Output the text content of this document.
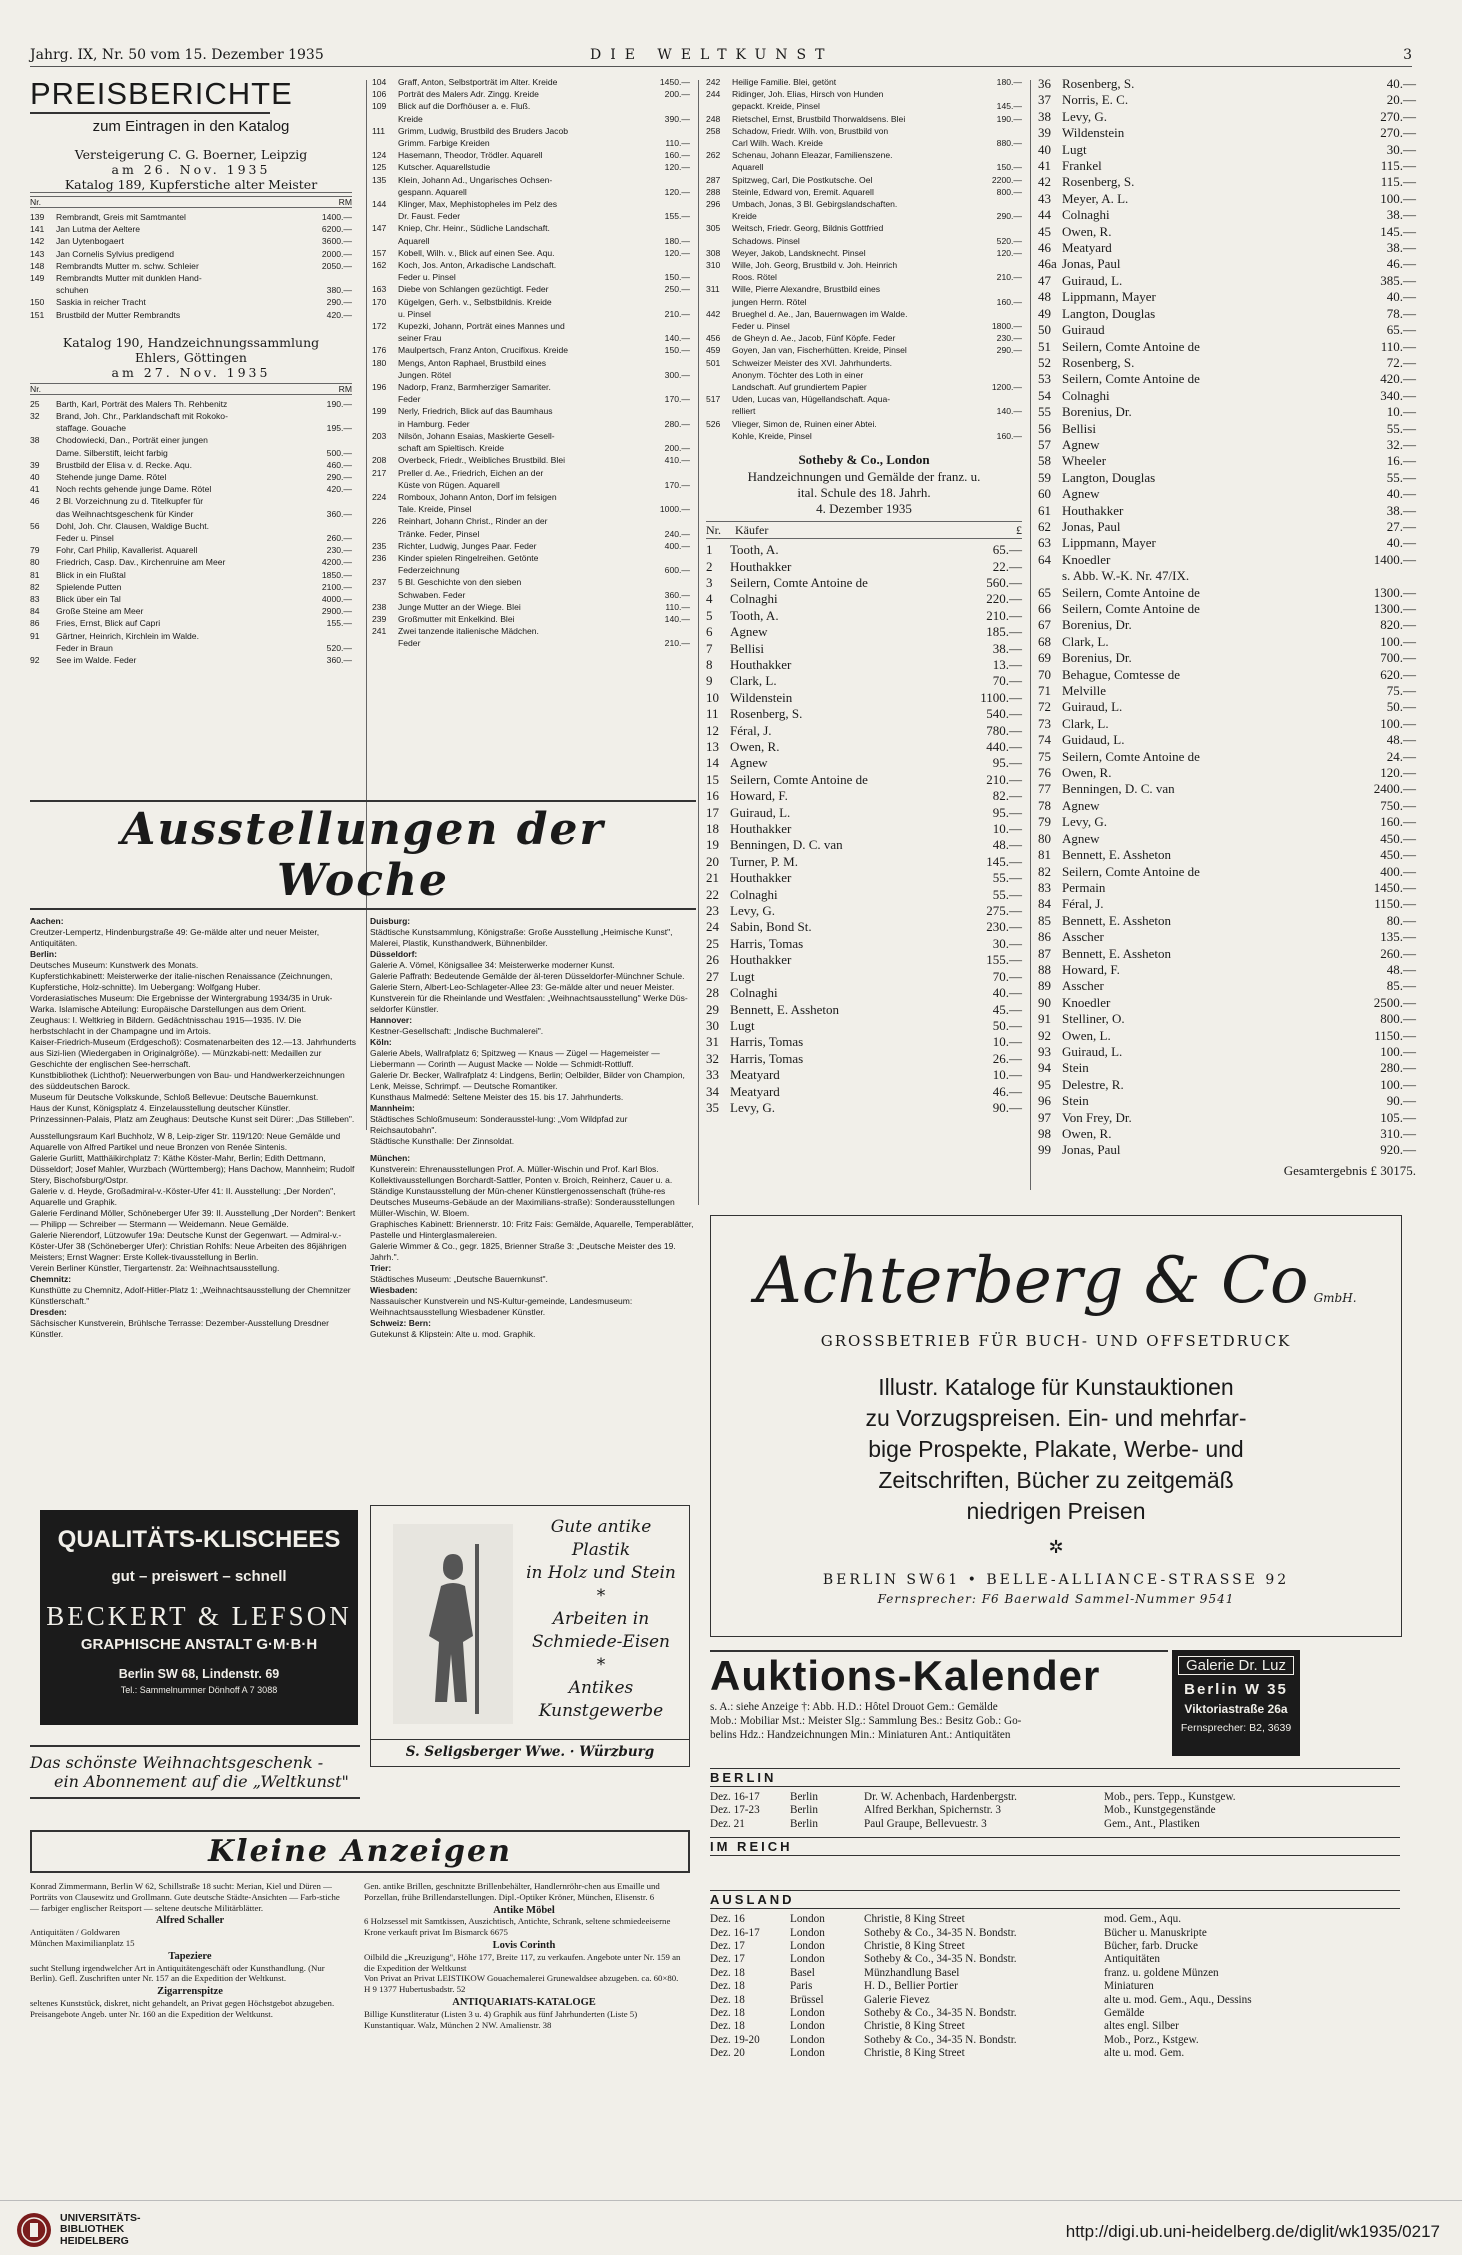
Jahrg. IX, Nr. 50 vom 15. Dezember 1935	DIE WELTKUNST	3
PREISBERICHTE
zum Eintragen in den Katalog
Versteigerung C. G. Boerner, Leipzig
am 26. Nov. 1935
Katalog 189, Kupferstiche alter Meister
Nr.	RM
139	Rembrandt, Greis mit Samtmantel	1400.—
141	Jan Lutma der Aeltere	6200.—
142	Jan Uytenbogaert	3600.—
143	Jan Cornelis Sylvius predigend	2000.—
148	Rembrandts Mutter m. schw. Schleier	2050.—
149	Rembrandts Mutter mit dunklen Hand-
schuhen	380.—
150	Saskia in reicher Tracht	290.—
151	Brustbild der Mutter Rembrandts	420.—
Katalog 190, Handzeichnungssammlung
Ehlers, Göttingen
am 27. Nov. 1935
Nr.	RM
25	Barth, Karl, Porträt des Malers Th. Rehbenitz	190.—
32	Brand, Joh. Chr., Parklandschaft mit Rokoko-
staffage. Gouache	195.—
38	Chodowiecki, Dan., Porträt einer jungen
Dame. Silberstift, leicht farbig	500.—
39	Brustbild der Elisa v. d. Recke. Aqu.	460.—
40	Stehende junge Dame. Rötel	290.—
41	Noch rechts gehende junge Dame. Rötel	420.—
46	2 Bl. Vorzeichnung zu d. Titelkupfer für
das Weihnachtsgeschenk für Kinder	360.—
56	Dohl, Joh. Chr. Clausen, Waldige Bucht.
Feder u. Pinsel	260.—
79	Fohr, Carl Philip, Kavallerist. Aquarell	230.—
80	Friedrich, Casp. Dav., Kirchenruine am Meer	4200.—
81	Blick in ein Flußtal	1850.—
82	Spielende Putten	2100.—
83	Blick über ein Tal	4000.—
84	Große Steine am Meer	2900.—
86	Fries, Ernst, Blick auf Capri	155.—
91	Gärtner, Heinrich, Kirchlein im Walde.
Feder in Braun	520.—
92	See im Walde. Feder	360.—
104	Graff, Anton, Selbstporträt im Alter. Kreide	1450.—
106	Porträt des Malers Adr. Zingg. Kreide	200.—
109	Blick auf die Dorfhöuser a. e. Fluß.
Kreide	390.—
111	Grimm, Ludwig, Brustbild des Bruders Jacob
Grimm. Farbige Kreiden	110.—
124	Hasemann, Theodor, Trödler. Aquarell	160.—
125	Kutscher. Aquarellstudie	120.—
135	Klein, Johann Ad., Ungarisches Ochsen-
gespann. Aquarell	120.—
144	Klinger, Max, Mephistopheles im Pelz des
Dr. Faust. Feder	155.—
147	Kniep, Chr. Heinr., Südliche Landschaft.
Aquarell	180.—
157	Kobell, Wilh. v., Blick auf einen See. Aqu.	120.—
162	Koch, Jos. Anton, Arkadische Landschaft.
Feder u. Pinsel	150.—
163	Diebe von Schlangen gezüchtigt. Feder	250.—
170	Kügelgen, Gerh. v., Selbstbildnis. Kreide
u. Pinsel	210.—
172	Kupezki, Johann, Porträt eines Mannes und
seiner Frau	140.—
176	Maulpertsch, Franz Anton, Crucifixus. Kreide	150.—
180	Mengs, Anton Raphael, Brustbild eines
Jungen. Rötel	300.—
196	Nadorp, Franz, Barmherziger Samariter.
Feder	170.—
199	Nerly, Friedrich, Blick auf das Baumhaus
in Hamburg. Feder	280.—
203	Nilsön, Johann Esaias, Maskierte Gesell-
schaft am Spieltisch. Kreide	200.—
208	Overbeck, Friedr., Weibliches Brustbild. Blei	410.—
217	Preller d. Ae., Friedrich, Eichen an der
Küste von Rügen. Aquarell	170.—
224	Romboux, Johann Anton, Dorf im felsigen
Tale. Kreide, Pinsel	1000.—
226	Reinhart, Johann Christ., Rinder an der
Tränke. Feder, Pinsel	240.—
235	Richter, Ludwig, Junges Paar. Feder	400.—
236	Kinder spielen Ringelreihen. Getönte
Federzeichnung	600.—
237	5 Bl. Geschichte von den sieben
Schwaben. Feder	360.—
238	Junge Mutter an der Wiege. Blei	110.—
239	Großmutter mit Enkelkind. Blei	140.—
241	Zwei tanzende italienische Mädchen.
Feder	210.—
242	Heilige Familie. Blei, getönt	180.—
244	Ridinger, Joh. Elias, Hirsch von Hunden
gepackt. Kreide, Pinsel	145.—
248	Rietschel, Ernst, Brustbild Thorwaldsens. Blei	190.—
258	Schadow, Friedr. Wilh. von, Brustbild von
Carl Wilh. Wach. Kreide	880.—
262	Schenau, Johann Eleazar, Familienszene.
Aquarell	150.—
287	Spitzweg, Carl, Die Postkutsche. Oel	2200.—
288	Steinle, Edward von, Eremit. Aquarell	800.—
296	Umbach, Jonas, 3 Bl. Gebirgslandschaften.
Kreide	290.—
305	Weitsch, Friedr. Georg, Bildnis Gottfried
Schadows. Pinsel	520.—
308	Weyer, Jakob, Landsknecht. Pinsel	120.—
310	Wille, Joh. Georg, Brustbild v. Joh. Heinrich
Roos. Rötel	210.—
311	Wille, Pierre Alexandre, Brustbild eines
jungen Herrn. Rötel	160.—
442	Brueghel d. Ae., Jan, Bauernwagen im Walde.
Feder u. Pinsel	1800.—
456	de Gheyn d. Ae., Jacob, Fünf Köpfe. Feder	230.—
459	Goyen, Jan van, Fischerhütten. Kreide, Pinsel	290.—
501	Schweizer Meister des XVI. Jahrhunderts.
Anonym. Töchter des Loth in einer
Landschaft. Auf grundiertem Papier	1200.—
517	Uden, Lucas van, Hügellandschaft. Aqua-
relliert	140.—
526	Vlieger, Simon de, Ruinen einer Abtei.
Kohle, Kreide, Pinsel	160.—
Sotheby & Co., London
Handzeichnungen und Gemälde der franz. u.
ital. Schule des 18. Jahrh.
4. Dezember 1935
Nr. Käufer	£
1	Tooth, A.	65.—
2	Houthakker	22.—
3	Seilern, Comte Antoine de	560.—
4	Colnaghi	220.—
5	Tooth, A.	210.—
6	Agnew	185.—
7	Bellisi	38.—
8	Houthakker	13.—
9	Clark, L.	70.—
10 Wildenstein	1100.—
11 Rosenberg, S.	540.—
12 Féral, J.	780.—
13 Owen, R.	440.—
14 Agnew	95.—
15 Seilern, Comte Antoine de	210.—
16 Howard, F.	82.—
17 Guiraud, L.	95.—
18 Houthakker	10.—
19 Benningen, D. C. van	48.—
20 Turner, P. M.	145.—
21 Houthakker	55.—
22 Colnaghi	55.—
23 Levy, G.	275.—
24 Sabin, Bond St.	230.—
25 Harris, Tomas	30.—
26 Houthakker	155.—
27 Lugt	70.—
28 Colnaghi	40.—
29 Bennett, E. Assheton	45.—
30 Lugt	50.—
31 Harris, Tomas	10.—
32 Harris, Tomas	26.—
33 Meatyard	10.—
34 Meatyard	46.—
35 Levy, G.	90.—
36 Rosenberg, S.	40.—
37 Norris, E. C.	20.—
38 Levy, G.	270.—
39 Wildenstein	270.—
40 Lugt	30.—
41 Frankel	115.—
42 Rosenberg, S.	115.—
43 Meyer, A. L.	100.—
44 Colnaghi	38.—
45 Owen, R.	145.—
46 Meatyard	38.—
46a Jonas, Paul	46.—
47 Guiraud, L.	385.—
48 Lippmann, Mayer	40.—
49 Langton, Douglas	78.—
50 Guiraud	65.—
51 Seilern, Comte Antoine de	110.—
52 Rosenberg, S.	72.—
53 Seilern, Comte Antoine de	420.—
54 Colnaghi	340.—
55 Borenius, Dr.	10.—
56 Bellisi	55.—
57 Agnew	32.—
58 Wheeler	16.—
59 Langton, Douglas	55.—
60 Agnew	40.—
61 Houthakker	38.—
62 Jonas, Paul	27.—
63 Lippmann, Mayer	40.—
64 Knoedler	1400.—
s. Abb. W.-K. Nr. 47/IX.
65 Seilern, Comte Antoine de	1300.—
66 Seilern, Comte Antoine de	1300.—
67 Borenius, Dr.	820.—
68 Clark, L.	100.—
69 Borenius, Dr.	700.—
70 Behague, Comtesse de	620.—
71 Melville	75.—
72 Guiraud, L.	50.—
73 Clark, L.	100.—
74 Guidaud, L.	48.—
75 Seilern, Comte Antoine de	24.—
76 Owen, R.	120.—
77 Benningen, D. C. van	2400.—
78 Agnew	750.—
79 Levy, G.	160.—
80 Agnew	450.—
81 Bennett, E. Assheton	450.—
82 Seilern, Comte Antoine de	400.—
83 Permain	1450.—
84 Féral, J.	1150.—
85 Bennett, E. Assheton	80.—
86 Asscher	135.—
87 Bennett, E. Assheton	260.—
88 Howard, F.	48.—
89 Asscher	85.—
90 Knoedler	2500.—
91 Stelliner, O.	800.—
92 Owen, L.	1150.—
93 Guiraud, L.	100.—
94 Stein	280.—
95 Delestre, R.	100.—
96 Stein	90.—
97 Von Frey, Dr.	105.—
98 Owen, R.	310.—
99 Jonas, Paul	920.—
Gesamtergebnis £ 30175.
Achterberg & Co GmbH.
GROSSBETRIEB FÜR BUCH- UND OFFSETDRUCK
Illustr. Kataloge für Kunstauktionen
zu Vorzugspreisen. Ein- und mehrfar-
bige Prospekte, Plakate, Werbe- und
Zeitschriften, Bücher zu zeitgemäß
niedrigen Preisen
✲
BERLIN SW61 • BELLE-ALLIANCE-STRASSE 92
Fernsprecher: F6 Baerwald Sammel-Nummer 9541
Ausstellungen der Woche
Aachen:
Creutzer-Lempertz, Hindenburgstraße 49: Ge-mälde alter und neuer Meister, Antiquitäten.
Berlin:
Deutsches Museum: Kunstwerk des Monats.
Kupferstichkabinett: Meisterwerke der italie-nischen Renaissance (Zeichnungen, Kupferstiche, Holz-schnitte). Im Uebergang: Wolfgang Huber.
Vorderasiatisches Museum: Die Ergebnisse der Wintergrabung 1934/35 in Uruk-Warka. Islamische Abteilung: Europäische Darstellungen aus dem Orient.
Zeughaus: I. Weltkrieg in Bildern. Gedächtnisschau 1915—1935. IV. Die herbstschlacht in der Champagne und im Artois.
Kaiser-Friedrich-Museum (Erdgeschoß): Cosmatenarbeiten des 12.—13. Jahrhunderts aus Sizi-lien (Wiedergaben in Originalgröße). — Münzkabi-nett: Medaillen zur Geschichte der englischen See-herrschaft.
Kunstbibliothek (Lichthof): Neuerwerbungen von Bau- und Handwerkerzeichnungen des süddeutschen Barock.
Museum für Deutsche Volkskunde, Schloß Bellevue: Deutsche Bauernkunst.
Haus der Kunst, Königsplatz 4. Einzelausstellung deutscher Künstler.
Prinzessinnen-Palais, Platz am Zeughaus: Deutsche Kunst seit Dürer: „Das Stilleben".
Ausstellungsraum Karl Buchholz, W 8, Leip-ziger Str. 119/120: Neue Gemälde und Aquarelle von Alfred Partikel und neue Bronzen von Renée Sintenis.
Galerie Gurlitt, Matthäikirchplatz 7: Käthe Köster-Mahr, Berlin; Edith Dettmann, Düsseldorf; Josef Mahler, Wurzbach (Württemberg); Hans Dachow, Mannheim; Rudolf Stery, Bischofsburg/Ostpr.
Galerie v. d. Heyde, Großadmiral-v.-Köster-Ufer 41: II. Ausstellung: „Der Norden", Aquarelle und Graphik.
Galerie Ferdinand Möller, Schöneberger Ufer 39: II. Ausstellung „Der Norden": Benkert — Philipp — Schreiber — Stermann — Weidemann. Neue Gemälde.
Galerie Nierendorf, Lützowufer 19a: Deutsche Kunst der Gegenwart. — Admiral-v.-Köster-Ufer 38 (Schöneberger Ufer): Christian Rohlfs: Neue Arbeiten des 86jährigen Meisters; Ernst Wagner: Erste Kollek-tivausstellung in Berlin.
Verein Berliner Künstler, Tiergartenstr. 2a: Weihnachtsausstellung.
Chemnitz:
Kunsthütte zu Chemnitz, Adolf-Hitler-Platz 1: „Weihnachtsausstellung der Chemnitzer Künstlerschaft."
Dresden:
Sächsischer Kunstverein, Brühlsche Terrasse: Dezember-Ausstellung Dresdner Künstler.
Duisburg:
Städtische Kunstsammlung, Königstraße: Große Ausstellung „Heimische Kunst", Malerei, Plastik, Kunsthandwerk, Bühnenbilder.
Düsseldorf:
Galerie A. Vömel, Königsallee 34: Meisterwerke moderner Kunst.
Galerie Paffrath: Bedeutende Gemälde der äl-teren Düsseldorfer-Münchner Schule.
Galerie Stern, Albert-Leo-Schlageter-Allee 23: Ge-mälde alter und neuer Meister.
Kunstverein für die Rheinlande und Westfalen: „Weihnachtsausstellung" Werke Düs-seldorfer Künstler.
Hannover:
Kestner-Gesellschaft: „Indische Buchmalerei".
Köln:
Galerie Abels, Wallrafplatz 6; Spitzweg — Knaus — Zügel — Hagemeister — Liebermann — Corinth — August Macke — Nolde — Schmidt-Rottluff.
Galerie Dr. Becker, Wallrafplatz 4: Lindgens, Berlin; Oelbilder, Bilder von Champion, Lenk, Meisse, Schrimpf. — Deutsche Romantiker.
Kunsthaus Malmedé: Seltene Meister des 15. bis 17. Jahrhunderts.
Mannheim:
Städtisches Schloßmuseum: Sonderausstel-lung: „Vom Wildpfad zur Reichsautobahn".
Städtische Kunsthalle: Der Zinnsoldat.
München:
Kunstverein: Ehrenausstellungen Prof. A. Müller-Wischin und Prof. Karl Blos. Kollektivausstellungen Borchardt-Sattler, Ponten v. Broich, Reinherz, Cauer u. a.
Ständige Kunstausstellung der Mün-chener Künstlergenossenschaft (frühe-res Deutsches Museums-Gebäude an der Maximilians-straße): Sonderausstellungen Müller-Wischin, W. Bloem.
Graphisches Kabinett: Briennerstr. 10: Fritz Fais: Gemälde, Aquarelle, Temperablätter, Pastelle und Hinterglasmalereien.
Galerie Wimmer & Co., gegr. 1825, Brienner Straße 3: „Deutsche Meister des 19. Jahrh.".
Trier:
Städtisches Museum: „Deutsche Bauernkunst".
Wiesbaden:
Nassauischer Kunstverein und NS-Kultur-gemeinde, Landesmuseum: Weihnachtsausstellung Wiesbadener Künstler.
Schweiz: Bern:
Gutekunst & Klipstein: Alte u. mod. Graphik.
QUALITÄTS-KLISCHEES
gut – preiswert – schnell
BECKERT & LEFSON
GRAPHISCHE ANSTALT G·M·B·H
Berlin SW 68, Lindenstr. 69
Tel.: Sammelnummer Dönhoff A 7 3088
Das schönste Weihnachtsgeschenk -
ein Abonnement auf die „Weltkunst"
Gute antike
Plastik
in Holz und Stein
*
Arbeiten in
Schmiede-Eisen
*
Antikes
Kunstgewerbe
S. Seligsberger Wwe. · Würzburg
Kleine Anzeigen
Konrad Zimmermann, Berlin W 62, Schillstraße 18 sucht: Merian, Kiel und Düren — Porträts von Clausewitz und Grollmann. Gute deutsche Städte-Ansichten — Farb-stiche — farbiger englischer Reitsport — seltene deutsche Militärblätter.
Alfred Schaller
Antiquitäten / Goldwaren
München Maximilianplatz 15
Tapeziere
sucht Stellung irgendwelcher Art in Antiquitätengeschäft oder Kunsthandlung. (Nur Berlin). Gefl. Zuschriften unter Nr. 157 an die Expedition der Weltkunst.
Zigarrenspitze
seltenes Kunststück, diskret, nicht gehandelt, an Privat gegen Höchstgebot abzugeben. Preisangebote Angeb. unter Nr. 160 an die Expedition der Weltkunst.
Gen. antike Brillen, geschnitzte Brillenbehälter, Handlernröhr-chen aus Emaille und Porzellan, frühe Brillendarstellungen. Dipl.-Optiker Kröner, München, Elisenstr. 6
Antike Möbel
6 Holzsessel mit Samtkissen, Auszichtisch, Antichte, Schrank, seltene schmiedeeiserne Krone verkauft privat Im Bismarck 6675
Lovis Corinth
Oilbild die „Kreuzigung", Höhe 177, Breite 117, zu verkaufen. Angebote unter Nr. 159 an die Expedition der Weltkunst
Von Privat an Privat LEISTIKOW Gouachemalerei Grunewaldsee abzugeben. ca. 60×80. H 9 1377 Hubertusbadstr. 52
ANTIQUARIATS-KATALOGE
Billige Kunstliteratur (Listen 3 u. 4) Graphik aus fünf Jahrhunderten (Liste 5) Kunstantiquar. Walz, München 2 NW. Amalienstr. 38
Auktions-Kalender
s. A.: siehe Anzeige †: Abb. H.D.: Hôtel Drouot Gem.: Gemälde
Mob.: Mobiliar Mst.: Meister Slg.: Sammlung Bes.: Besitz Gob.: Go-
belins Hdz.: Handzeichnungen Min.: Miniaturen Ant.: Antiquitäten
Galerie Dr. Luz
Berlin W 35
Viktoriastraße 26a
Fernsprecher: B2, 3639
BERLIN
Dez. 16-17	Berlin	Dr. W. Achenbach, Hardenbergstr.	Mob., pers. Tepp., Kunstgew.
Dez. 17-23	Berlin	Alfred Berkhan, Spichernstr. 3	Mob., Kunstgegenstände
Dez. 21	Berlin	Paul Graupe, Bellevuestr. 3	Gem., Ant., Plastiken
IM REICH
AUSLAND
Dez. 16	London	Christie, 8 King Street	mod. Gem., Aqu.
Dez. 16-17	London	Sotheby & Co., 34-35 N. Bondstr.	Bücher u. Manuskripte
Dez. 17	London	Christie, 8 King Street	Bücher, farb. Drucke
Dez. 17	London	Sotheby & Co., 34-35 N. Bondstr.	Antiquitäten
Dez. 18	Basel	Münzhandlung Basel	franz. u. goldene Münzen
Dez. 18	Paris	H. D., Bellier Portier	Miniaturen
Dez. 18	Brüssel	Galerie Fievez	alte u. mod. Gem., Aqu., Dessins
Dez. 18	London	Sotheby & Co., 34-35 N. Bondstr.	Gemälde
Dez. 18	London	Christie, 8 King Street	altes engl. Silber
Dez. 19-20	London	Sotheby & Co., 34-35 N. Bondstr.	Mob., Porz., Kstgew.
Dez. 20	London	Christie, 8 King Street	alte u. mod. Gem.
UNIVERSITÄTS-
BIBLIOTHEK
HEIDELBERG	http://digi.ub.uni-heidelberg.de/diglit/wk1935/0217
